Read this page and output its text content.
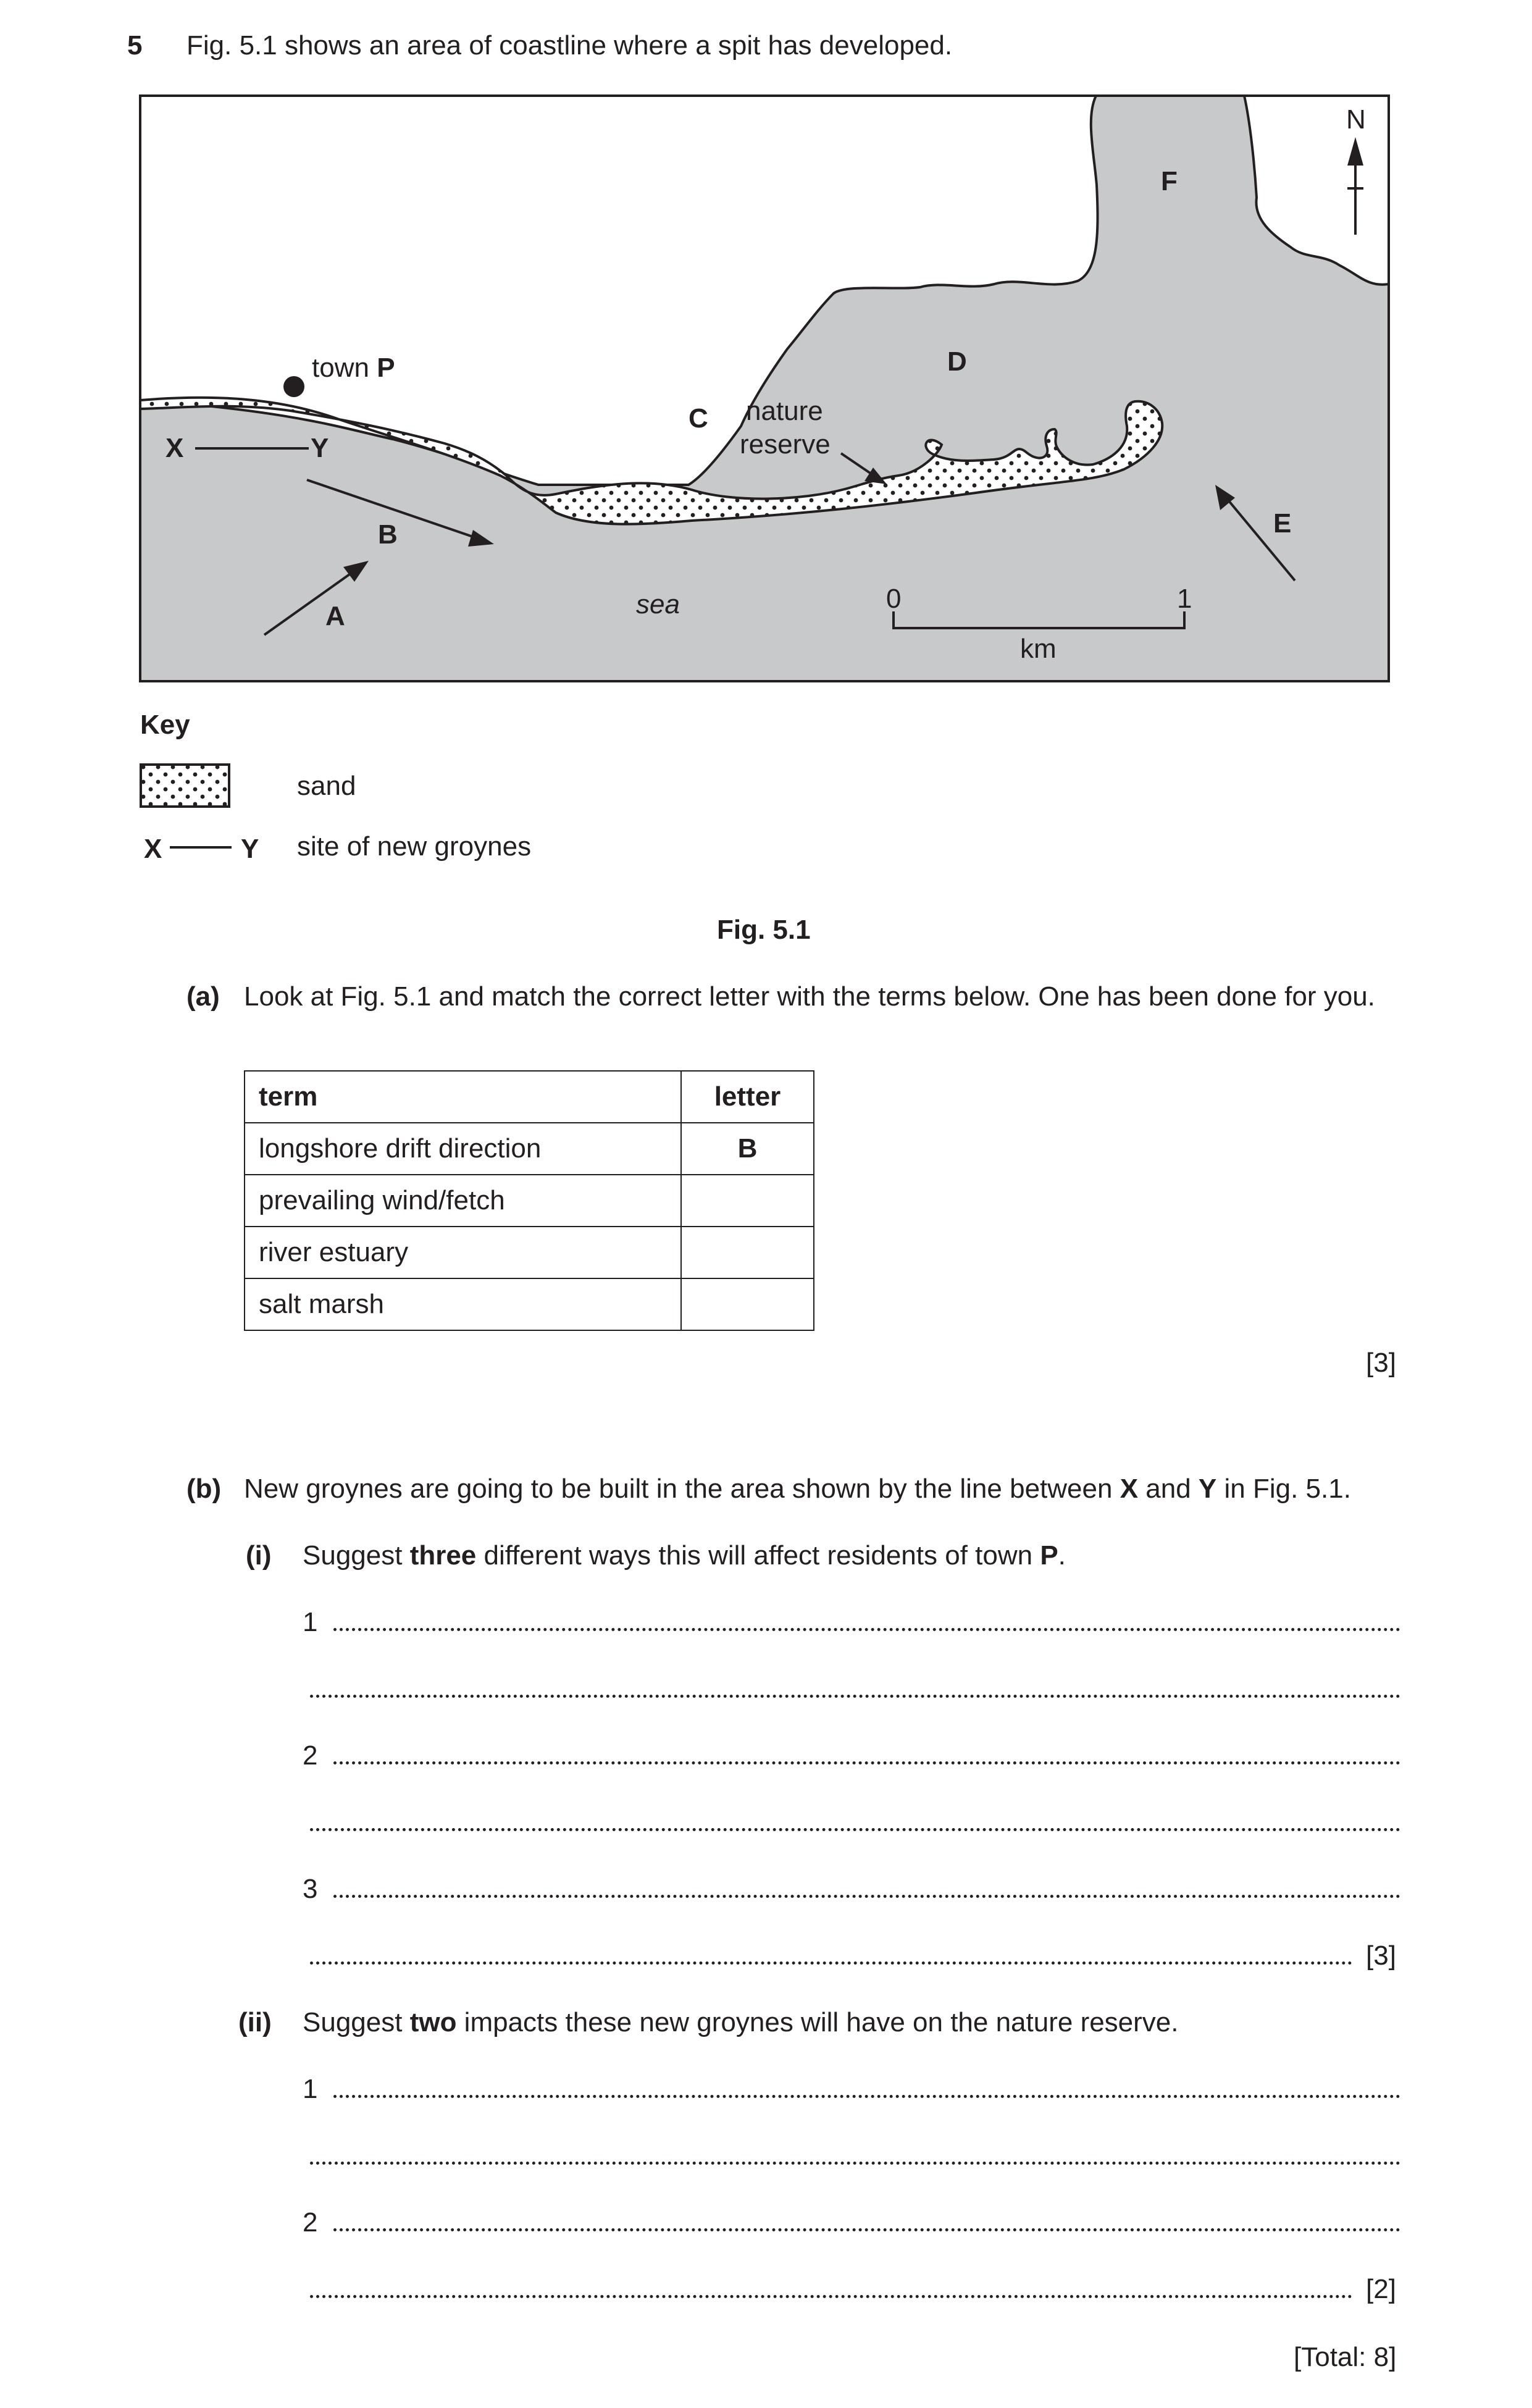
5 Fig. 5.1 shows an area of coastline where a spit has developed.
N
X	Y
town P
A
B	E
C
D
F
nature
reserve
sea	0	1
km
Key
sand
X	Y site of new groynes
Fig. 5.1
(a) Look at Fig. 5.1 and match the correct letter with the terms below. One has been done for you.
term	letter
longshore drift direction	B
prevailing wind/fetch	
river estuary	
salt marsh	
[3]
(b) New groynes are going to be built in the area shown by the line between X and Y in Fig. 5.1.
(i) Suggest three different ways this will affect residents of town P.
1
2
3
[3]
(ii) Suggest two impacts these new groynes will have on the nature reserve.
1
2
[2]
[Total: 8]
